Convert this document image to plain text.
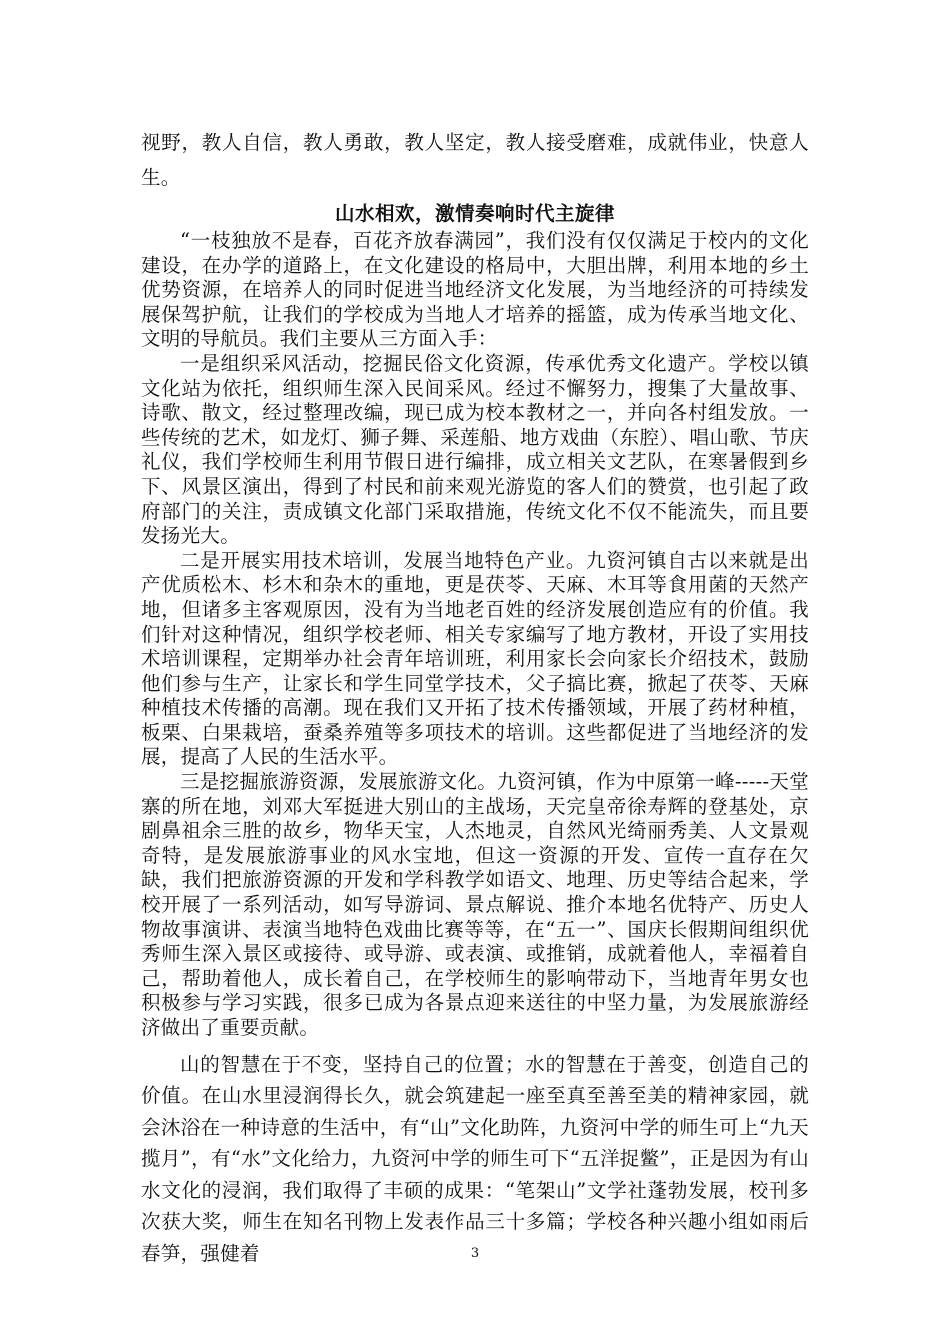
视野，教人自信，教人勇敢，教人坚定，教人接受磨难，成就伟业，快意人生。

山水相欢，激情奏响时代主旋律

“一枝独放不是春，百花齐放春满园”，我们没有仅仅满足于校内的文化建设，在办学的道路上，在文化建设的格局中，大胆出牌，利用本地的乡土优势资源，在培养人的同时促进当地经济文化发展，为当地经济的可持续发展保驾护航，让我们的学校成为当地人才培养的摇篮，成为传承当地文化、文明的导航员。我们主要从三方面入手：

一是组织采风活动，挖掘民俗文化资源，传承优秀文化遗产。学校以镇文化站为依托，组织师生深入民间采风。经过不懈努力，搜集了大量故事、诗歌、散文，经过整理改编，现已成为校本教材之一，并向各村组发放。一些传统的艺术，如龙灯、狮子舞、采莲船、地方戏曲（东腔）、唱山歌、节庆礼仪，我们学校师生利用节假日进行编排，成立相关文艺队，在寒暑假到乡下、风景区演出，得到了村民和前来观光游览的客人们的赞赏，也引起了政府部门的关注，责成镇文化部门采取措施，传统文化不仅不能流失，而且要发扬光大。

二是开展实用技术培训，发展当地特色产业。九资河镇自古以来就是出产优质松木、杉木和杂木的重地，更是茯苓、天麻、木耳等食用菌的天然产地，但诸多主客观原因，没有为当地老百姓的经济发展创造应有的价值。我们针对这种情况，组织学校老师、相关专家编写了地方教材，开设了实用技术培训课程，定期举办社会青年培训班，利用家长会向家长介绍技术，鼓励他们参与生产，让家长和学生同堂学技术，父子搞比赛，掀起了茯苓、天麻种植技术传播的高潮。现在我们又开拓了技术传播领域，开展了药材种植，板栗、白果栽培，蚕桑养殖等多项技术的培训。这些都促进了当地经济的发展，提高了人民的生活水平。

三是挖掘旅游资源，发展旅游文化。九资河镇，作为中原第一峰-----天堂寨的所在地，刘邓大军挺进大别山的主战场，天完皇帝徐寿辉的登基处，京剧鼻祖余三胜的故乡，物华天宝，人杰地灵，自然风光绮丽秀美、人文景观奇特，是发展旅游事业的风水宝地，但这一资源的开发、宣传一直存在欠缺，我们把旅游资源的开发和学科教学如语文、地理、历史等结合起来，学校开展了一系列活动，如写导游词、景点解说、推介本地名优特产、历史人物故事演讲、表演当地特色戏曲比赛等等，在“五一”、国庆长假期间组织优秀师生深入景区或接待、或导游、或表演、或推销，成就着他人，幸福着自己，帮助着他人，成长着自己，在学校师生的影响带动下，当地青年男女也积极参与学习实践，很多已成为各景点迎来送往的中坚力量，为发展旅游经济做出了重要贡献。

山的智慧在于不变，坚持自己的位置；水的智慧在于善变，创造自己的价值。在山水里浸润得长久，就会筑建起一座至真至善至美的精神家园，就会沐浴在一种诗意的生活中，有“山”文化助阵，九资河中学的师生可上“九天揽月”，有“水”文化给力，九资河中学的师生可下“五洋捉鳖”，正是因为有山水文化的浸润，我们取得了丰硕的成果：“笔架山”文学社蓬勃发展，校刊多次获大奖，师生在知名刊物上发表作品三十多篇；学校各种兴趣小组如雨后春笋，强健着	3
